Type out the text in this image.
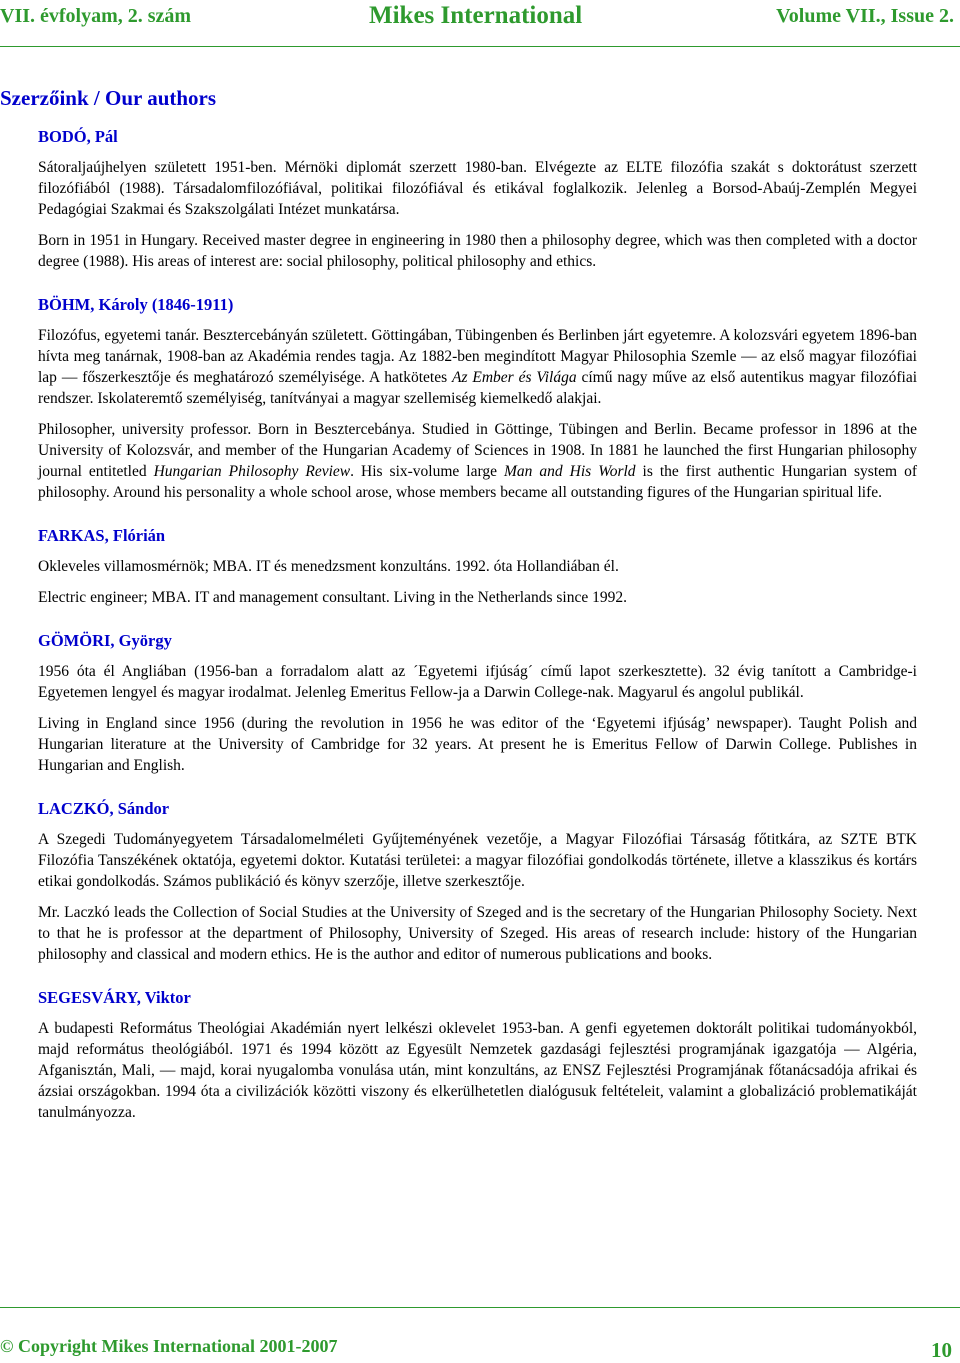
VII. évfolyam, 2. szám	Mikes International	Volume VII., Issue 2.
Szerzőink / Our authors
BODÓ, Pál

Sátoraljaújhelyen született 1951-ben. Mérnöki diplomát szerzett 1980-ban. Elvégezte az ELTE filozófia szakát s doktorátust szerzett filozófiából (1988). Társadalomfilozófiával, politikai filozófiával és etikával foglalkozik. Jelenleg a Borsod-Abaúj-Zemplén Megyei Pedagógiai Szakmai és Szakszolgálati Intézet munkatársa.

Born in 1951 in Hungary. Received master degree in engineering in 1980 then a philosophy degree, which was then completed with a doctor degree (1988). His areas of interest are: social philosophy, political philosophy and ethics.

BÖHM, Károly (1846-1911)

Filozófus, egyetemi tanár. Besztercebányán született. Göttingában, Tübingenben és Berlinben járt egyetemre. A kolozsvári egyetem 1896-ban hívta meg tanárnak, 1908-ban az Akadémia rendes tagja. Az 1882-ben megindított Magyar Philosophia Szemle — az első magyar filozófiai lap — főszerkesztője és meghatározó személyisége. A hatkötetes Az Ember és Világa című nagy műve az első autentikus magyar filozófiai rendszer. Iskolateremtő személyiség, tanítványai a magyar szellemiség kiemelkedő alakjai.

Philosopher, university professor. Born in Besztercebánya. Studied in Göttinge, Tübingen and Berlin. Became professor in 1896 at the University of Kolozsvár, and member of the Hungarian Academy of Sciences in 1908. In 1881 he launched the first Hungarian philosophy journal entitetled Hungarian Philosophy Review. His six-volume large Man and His World is the first authentic Hungarian system of philosophy. Around his personality a whole school arose, whose members became all outstanding figures of the Hungarian spiritual life.

FARKAS, Flórián

Okleveles villamosmérnök; MBA. IT és menedzsment konzultáns. 1992. óta Hollandiában él.

Electric engineer; MBA. IT and management consultant. Living in the Netherlands since 1992.

GÖMÖRI, György

1956 óta él Angliában (1956-ban a forradalom alatt az ´Egyetemi ifjúság´ című lapot szerkesztette). 32 évig tanított a Cambridge-i Egyetemen lengyel és magyar irodalmat. Jelenleg Emeritus Fellow-ja a Darwin College-nak. Magyarul és angolul publikál.

Living in England since 1956 (during the revolution in 1956 he was editor of the ‘Egyetemi ifjúság’ newspaper). Taught Polish and Hungarian literature at the University of Cambridge for 32 years. At present he is Emeritus Fellow of Darwin College. Publishes in Hungarian and English.

LACZKÓ, Sándor

A Szegedi Tudományegyetem Társadalomelméleti Gyűjteményének vezetője, a Magyar Filozófiai Társaság főtitkára, az SZTE BTK Filozófia Tanszékének oktatója, egyetemi doktor. Kutatási területei: a magyar filozófiai gondolkodás története, illetve a klasszikus és kortárs etikai gondolkodás. Számos publikáció és könyv szerzője, illetve szerkesztője.

Mr. Laczkó leads the Collection of Social Studies at the University of Szeged and is the secretary of the Hungarian Philosophy Society. Next to that he is professor at the department of Philosophy, University of Szeged. His areas of research include: history of the Hungarian philosophy and classical and modern ethics. He is the author and editor of numerous publications and books.

SEGESVÁRY, Viktor

A budapesti Református Theológiai Akadémián nyert lelkészi oklevelet 1953-ban. A genfi egyetemen doktorált politikai tudományokból, majd református theológiából. 1971 és 1994 között az Egyesült Nemzetek gazdasági fejlesztési programjának igazgatója — Algéria, Afganisztán, Mali, — majd, korai nyugalomba vonulása után, mint konzultáns, az ENSZ Fejlesztési Programjának főtanácsadója afrikai és ázsiai országokban. 1994 óta a civilizációk közötti viszony és elkerülhetetlen dialógusuk feltételeit, valamint a globalizáció problematikáját tanulmányozza.

© Copyright Mikes International 2001-2007	10
